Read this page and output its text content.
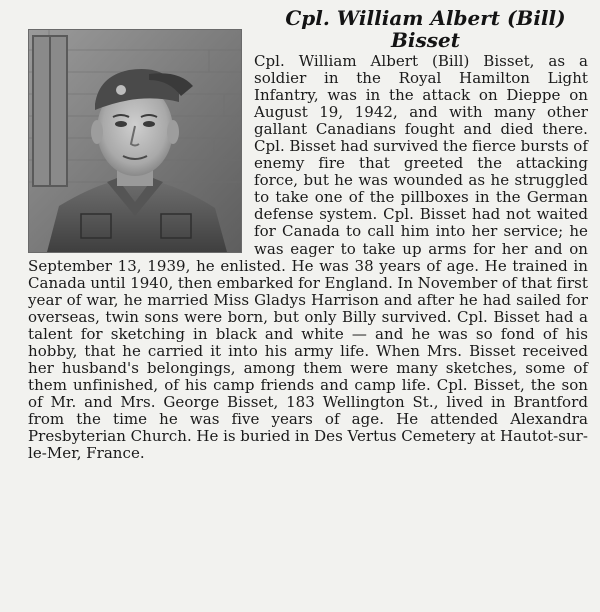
Cpl. William Albert (Bill)
Bisset
Cpl. William Albert (Bill) Bisset, as a soldier in the Royal Hamilton Light Infantry, was in the attack on Dieppe on August 19, 1942, and with many other gallant Canadians fought and died there. Cpl. Bisset had survived the fierce bursts of enemy fire that greeted the attacking force, but he was wounded as he struggled to take one of the pillboxes in the German defense system. Cpl. Bisset had not waited for Canada to call him into her service; he was eager to take up arms for her and on September 13, 1939, he enlisted. He was 38 years of age. He trained in Canada until 1940, then embarked for England. In November of that first year of war, he married Miss Gladys Harrison and after he had sailed for overseas, twin sons were born, but only Billy survived. Cpl. Bisset had a talent for sketching in black and white — and he was so fond of his hobby, that he carried it into his army life. When Mrs. Bisset received her husband's belongings, among them were many sketches, some of them unfinished, of his camp friends and camp life. Cpl. Bisset, the son of Mr. and Mrs. George Bisset, 183 Wellington St., lived in Brantford from the time he was five years of age. He attended Alexandra Presbyterian Church. He is buried in Des Vertus Cemetery at Hautot-sur-le-Mer, France.
